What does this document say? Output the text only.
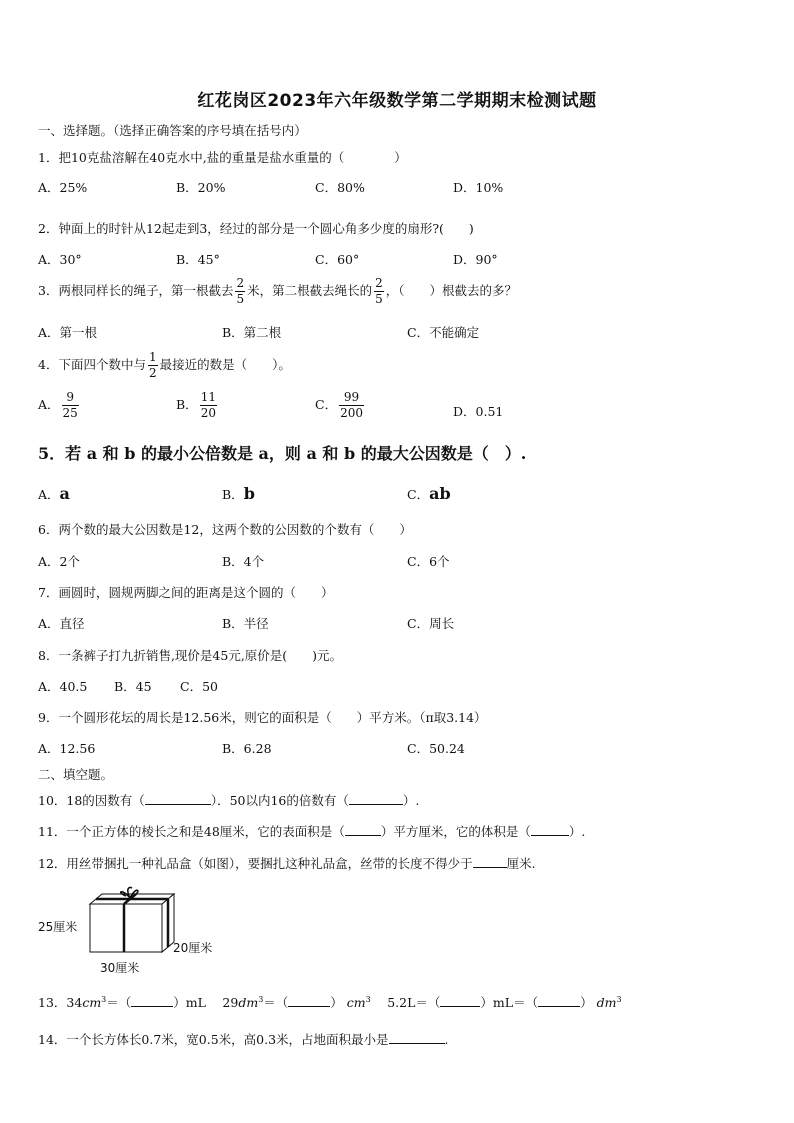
红花岗区2023年六年级数学第二学期期末检测试题
一、选择题。（选择正确答案的序号填在括号内）
1．把10克盐溶解在40克水中,盐的重量是盐水重量的（　　　　）
A．25%	B．20%	C．80%	D．10%
2．钟面上的时针从12起走到3，经过的部分是一个圆心角多少度的扇形?(　　)
A．30°	B．45°	C．60°	D．90°
3．两根同样长的绳子，第一根截去 $\frac{2}{5}$ 米，第二根截去绳长的 $\frac{2}{5}$ ，（　　）根截去的多？
A．第一根	B．第二根	C．不能确定
4．下面四个数中与 $\frac{1}{2}$ 最接近的数是（　　）。
A． $\frac{9}{25}$	B． $\frac{11}{20}$	C． $\frac{99}{200}$	D．0.51
5．若 a 和 b 的最小公倍数是 a，则 a 和 b 的最大公因数是（　）.
A．a	B．b	C．ab
6．两个数的最大公因数是12，这两个数的公因数的个数有（　　）
A．2个	B．4个	C．6个
7．画圆时，圆规两脚之间的距离是这个圆的（　　）
A．直径	B．半径	C．周长
8．一条裤子打九折销售,现价是45元,原价是(　　)元。
A．40.5 B．45 C．50
9．一个圆形花坛的周长是12.56米，则它的面积是（　　）平方米。（π取3.14）
A．12.56	B．6.28	C．50.24
二、填空题。
10．18的因数有（	）．50以内16的倍数有（	）.
11．一个正方体的棱长之和是48厘米，它的表面积是（	）平方厘米，它的体积是（	）.
12．用丝带捆扎一种礼品盒（如图），要捆扎这种礼品盒，丝带的长度不得少于	厘米.
25厘米
20厘米
30厘米
13．$34cm^3=$（	）mL　 $29dm^3=$（	） $cm^3$　 5.2L＝（	）mL＝（	） $dm^3$
14．一个长方体长0.7米，宽0.5米，高0.3米，占地面积最小是	.
